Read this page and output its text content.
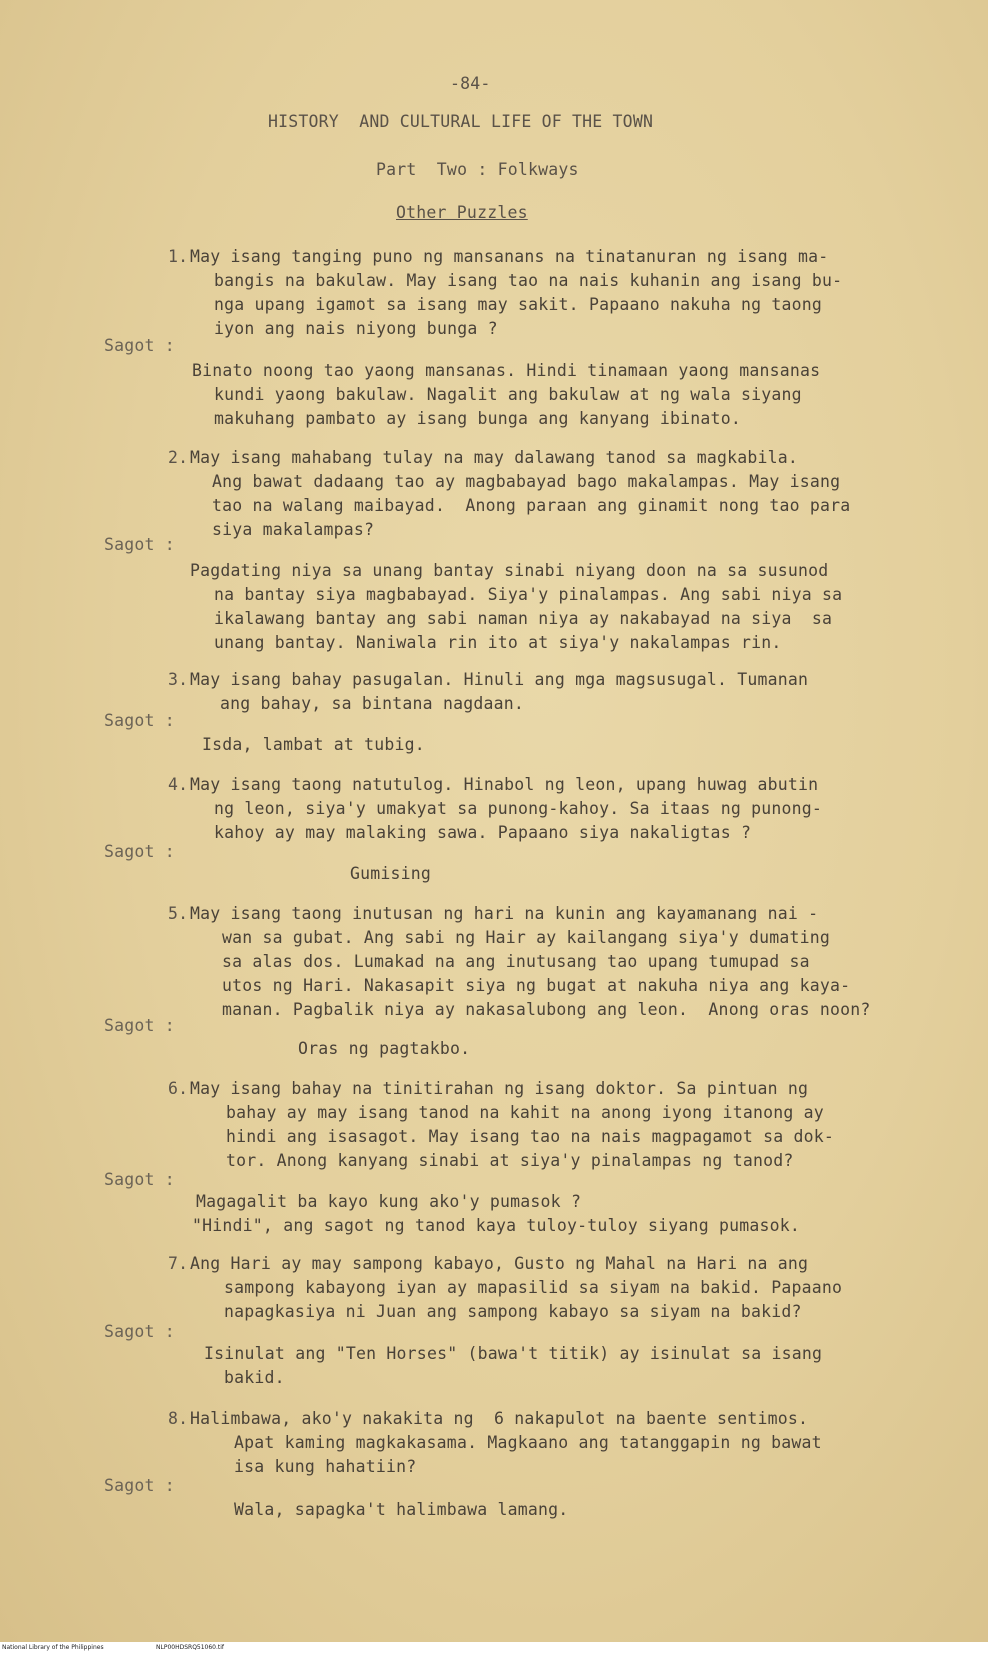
-84-
HISTORY  AND CULTURAL LIFE OF THE TOWN
Part  Two : Folkways
Other Puzzles
1. May isang tanging puno ng mansanans na tinatanuran ng isang ma-
bangis na bakulaw. May isang tao na nais kuhanin ang isang bu-
nga upang igamot sa isang may sakit. Papaano nakuha ng taong
iyon ang nais niyong bunga ?
Sagot :
Binato noong tao yaong mansanas. Hindi tinamaan yaong mansanas
kundi yaong bakulaw. Nagalit ang bakulaw at ng wala siyang
makuhang pambato ay isang bunga ang kanyang ibinato.
2. May isang mahabang tulay na may dalawang tanod sa magkabila.
Ang bawat dadaang tao ay magbabayad bago makalampas. May isang
tao na walang maibayad.  Anong paraan ang ginamit nong tao para
siya makalampas?
Sagot :
Pagdating niya sa unang bantay sinabi niyang doon na sa susunod
na bantay siya magbabayad. Siya'y pinalampas. Ang sabi niya sa
ikalawang bantay ang sabi naman niya ay nakabayad na siya  sa
unang bantay. Naniwala rin ito at siya'y nakalampas rin.
3. May isang bahay pasugalan. Hinuli ang mga magsusugal. Tumanan
ang bahay, sa bintana nagdaan.
Sagot :
Isda, lambat at tubig.
4. May isang taong natutulog. Hinabol ng leon, upang huwag abutin
ng leon, siya'y umakyat sa punong-kahoy. Sa itaas ng punong-
kahoy ay may malaking sawa. Papaano siya nakaligtas ?
Sagot :
Gumising
5. May isang taong inutusan ng hari na kunin ang kayamanang nai -
wan sa gubat. Ang sabi ng Hair ay kailangang siya'y dumating
sa alas dos. Lumakad na ang inutusang tao upang tumupad sa
utos ng Hari. Nakasapit siya ng bugat at nakuha niya ang kaya-
manan. Pagbalik niya ay nakasalubong ang leon.  Anong oras noon?
Sagot :
Oras ng pagtakbo.
6. May isang bahay na tinitirahan ng isang doktor. Sa pintuan ng
bahay ay may isang tanod na kahit na anong iyong itanong ay
hindi ang isasagot. May isang tao na nais magpagamot sa dok-
tor. Anong kanyang sinabi at siya'y pinalampas ng tanod?
Sagot :
Magagalit ba kayo kung ako'y pumasok ?
"Hindi", ang sagot ng tanod kaya tuloy-tuloy siyang pumasok.
7. Ang Hari ay may sampong kabayo, Gusto ng Mahal na Hari na ang
sampong kabayong iyan ay mapasilid sa siyam na bakid. Papaano
napagkasiya ni Juan ang sampong kabayo sa siyam na bakid?
Sagot :
Isinulat ang "Ten Horses" (bawa't titik) ay isinulat sa isang
bakid.
8. Halimbawa, ako'y nakakita ng  6 nakapulot na baente sentimos.
Apat kaming magkakasama. Magkaano ang tatanggapin ng bawat
isa kung hahatiin?
Sagot :
Wala, sapagka't halimbawa lamang.
National Library of the Philippines	NLP00HDSRQ51060.tif
